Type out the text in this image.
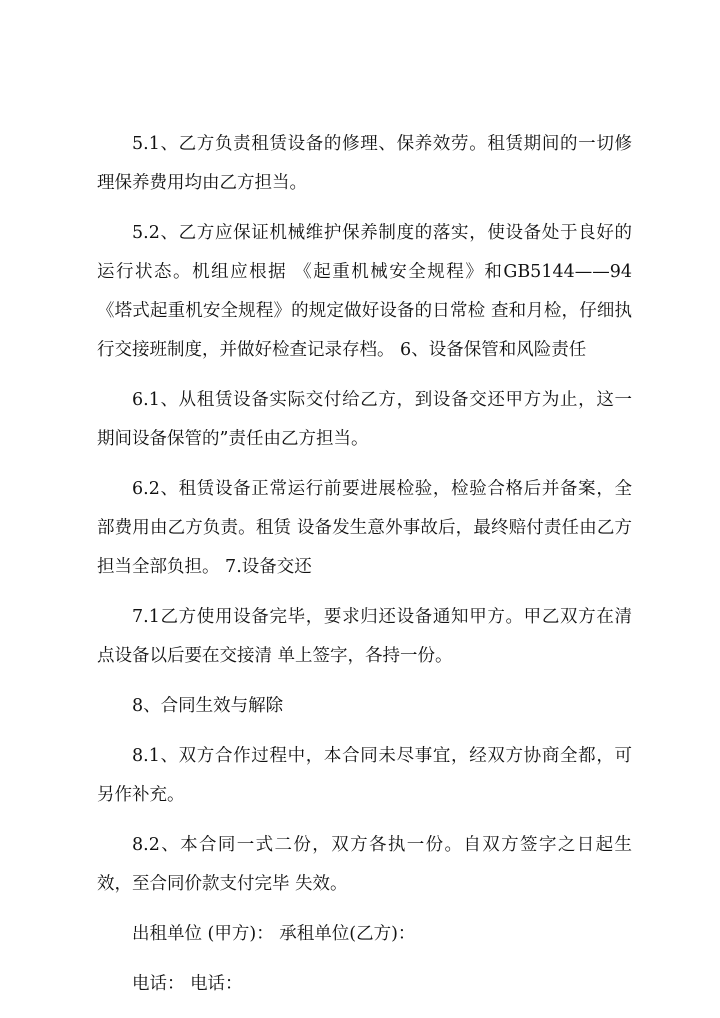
5.1、乙方负责租赁设备的修理、保养效劳。租赁期间的一切修理保养费用均由乙方担当。

5.2、乙方应保证机械维护保养制度的落实，使设备处于良好的运行状态。机组应根据 《起重机械安全规程》和GB5144——94《塔式起重机安全规程》的规定做好设备的日常检 查和月检，仔细执行交接班制度，并做好检查记录存档。 6、设备保管和风险责任

6.1、从租赁设备实际交付给乙方，到设备交还甲方为止，这一期间设备保管的”责任由乙方担当。

6.2、租赁设备正常运行前要进展检验，检验合格后并备案，全部费用由乙方负责。租赁 设备发生意外事故后，最终赔付责任由乙方担当全部负担。 7.设备交还

7.1乙方使用设备完毕，要求归还设备通知甲方。甲乙双方在清点设备以后要在交接清 单上签字，各持一份。

8、合同生效与解除

8.1、双方合作过程中，本合同未尽事宜，经双方协商全都，可另作补充。

8.2、本合同一式二份，双方各执一份。自双方签字之日起生效，至合同价款支付完毕 失效。

出租单位 (甲方)： 承租单位(乙方)：

电话： 电话：
